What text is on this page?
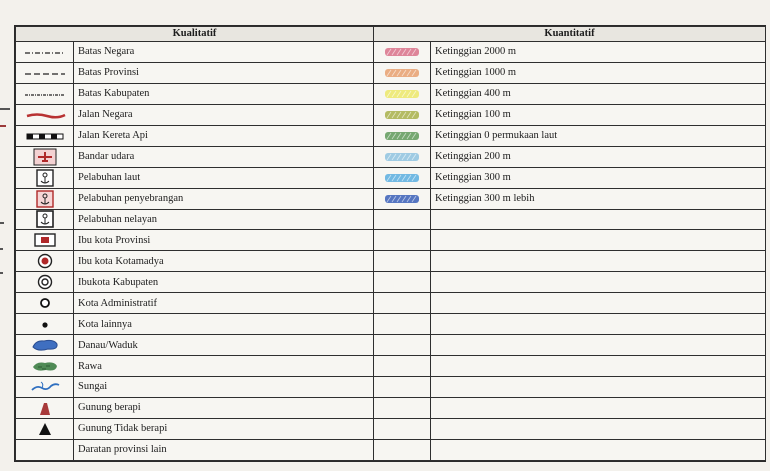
Kualitatif		Kuantitatif	

	Batas Negara		Ketinggian 2000 m

	Batas Provinsi		Ketinggian 1000 m

	Batas Kabupaten		Ketinggian 400 m

	Jalan Negara		Ketinggian 100 m

	Jalan Kereta Api		Ketinggian 0 permukaan laut

	Bandar udara		Ketinggian 200 m

	Pelabuhan laut		Ketinggian 300 m

	Pelabuhan penyebrangan		Ketinggian 300 m lebih

	Pelabuhan nelayan		

	Ibu kota Provinsi		

	Ibu kota Kotamadya		

	Ibukota Kabupaten		

	Kota Administratif		

	Kota lainnya		

	Danau/Waduk		

	Rawa		

	Sungai		

	Gunung berapi		

	Gunung Tidak berapi		
	Daratan provinsi lain		
